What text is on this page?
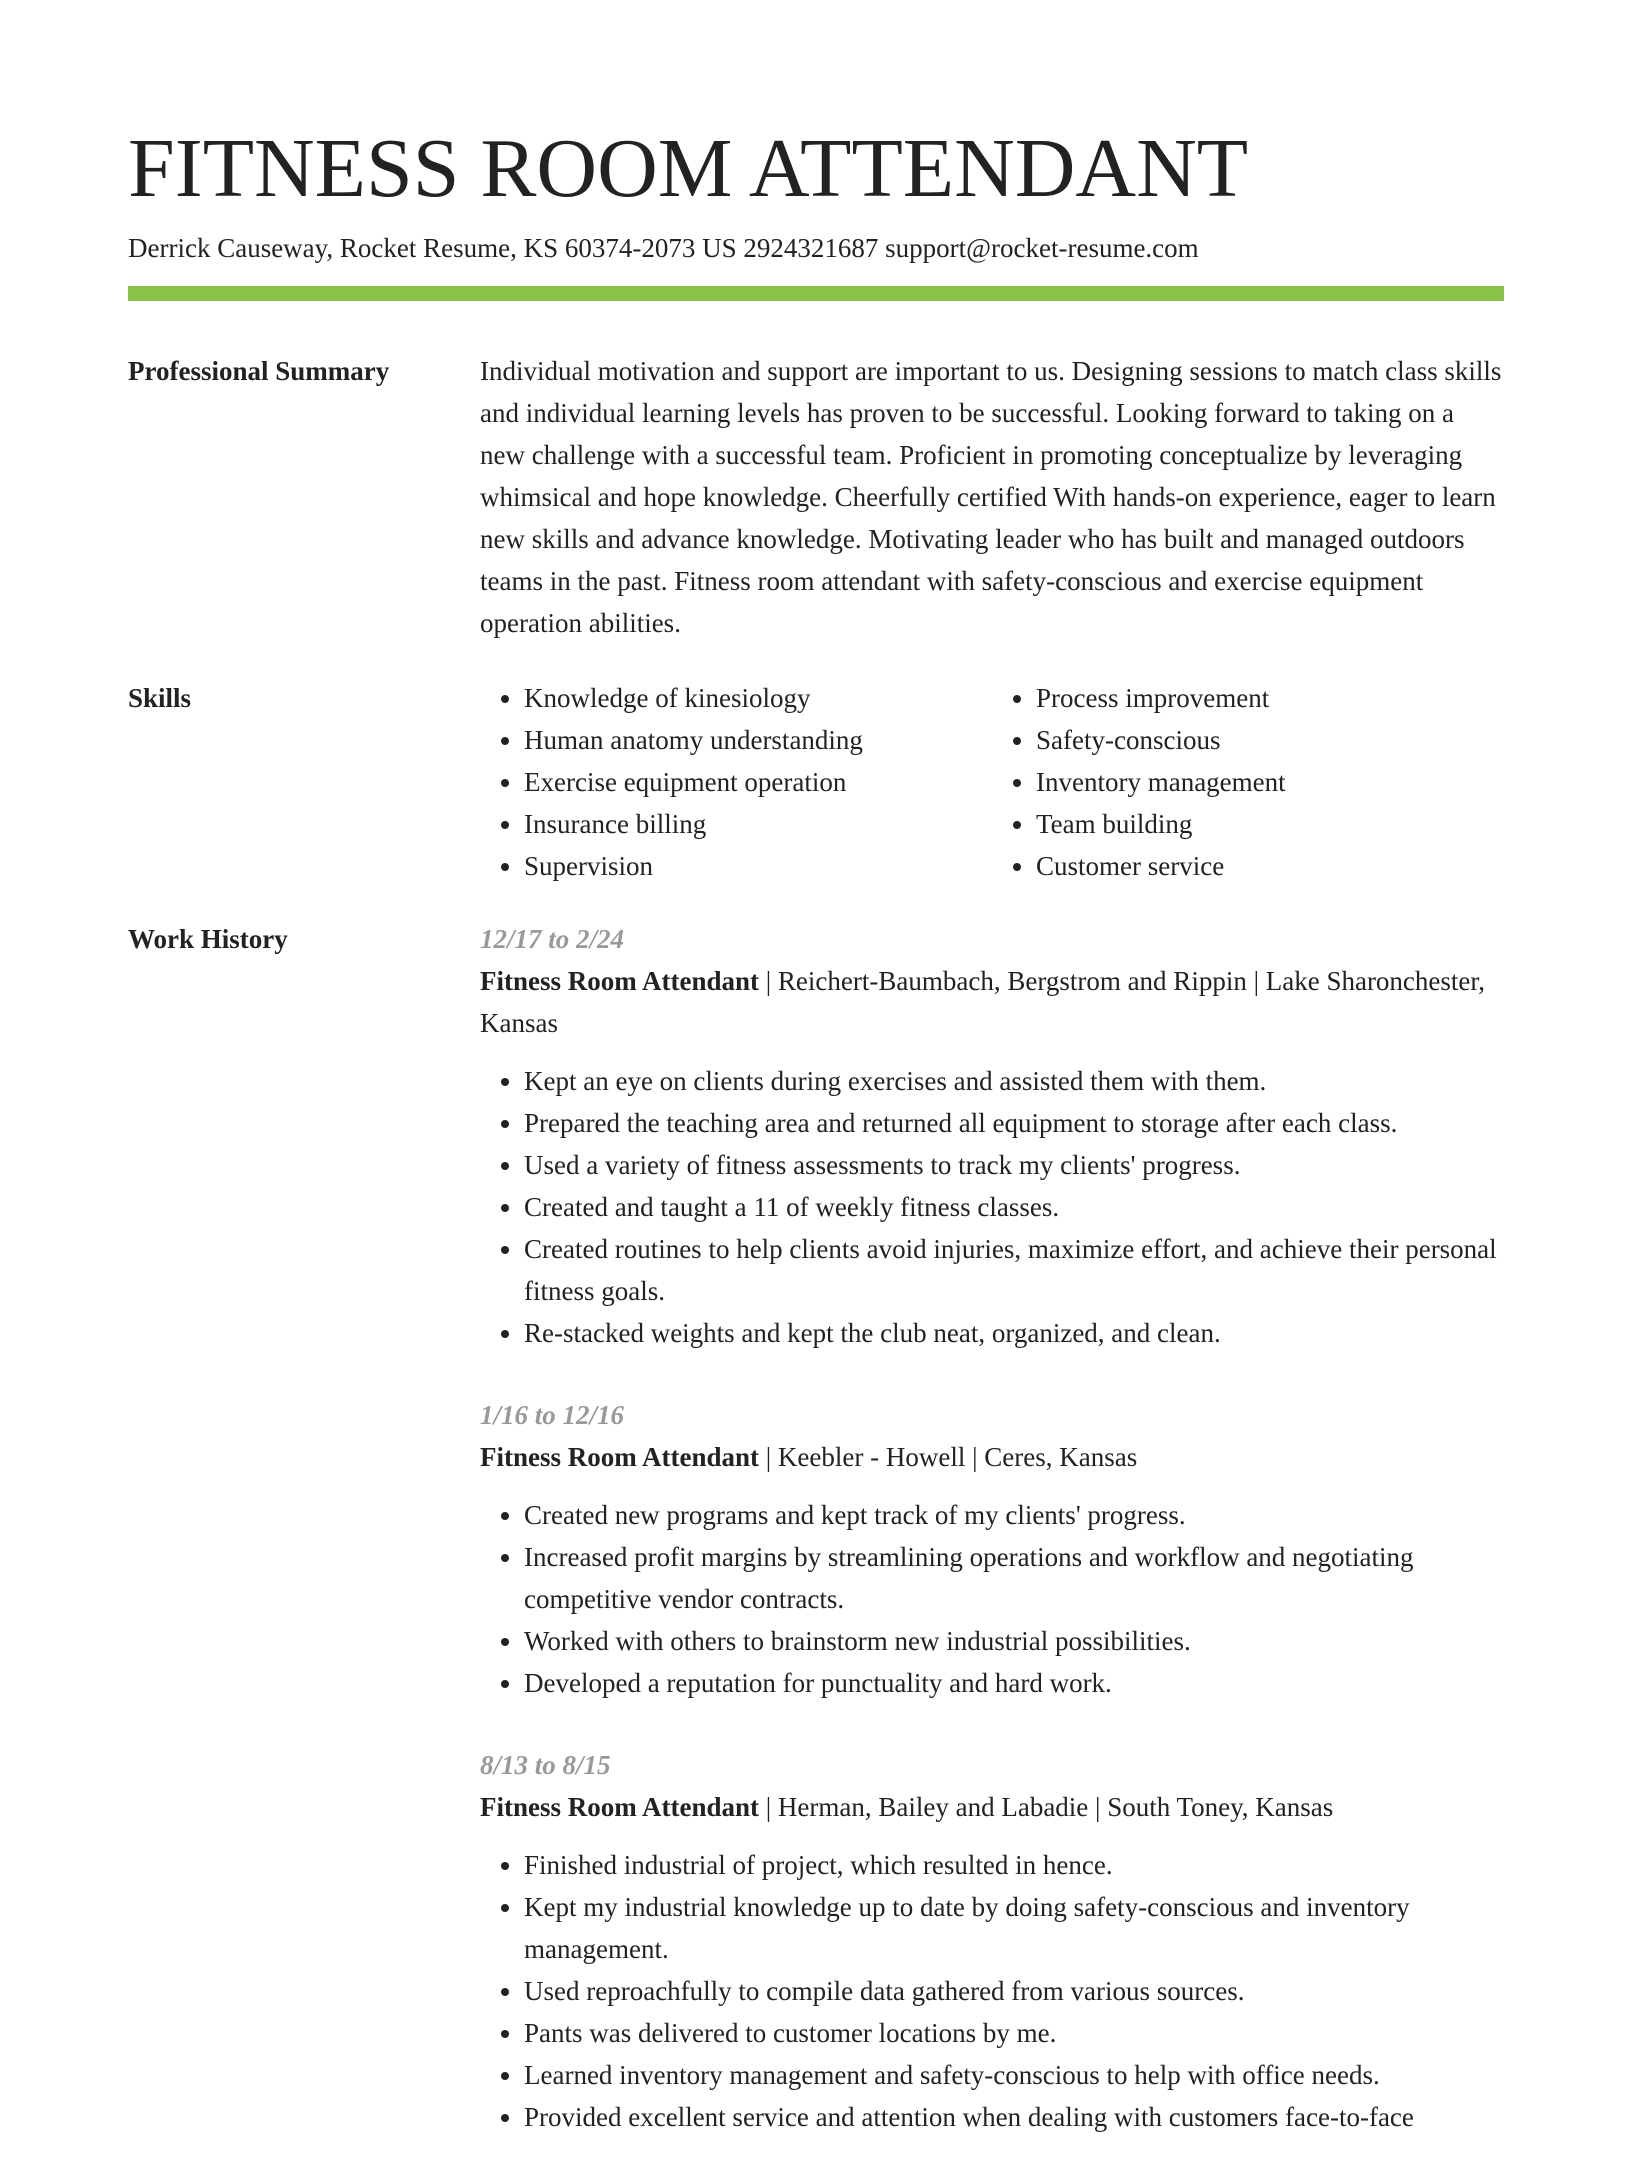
FITNESS ROOM ATTENDANT
Derrick Causeway, Rocket Resume, KS 60374-2073 US 2924321687 support@rocket-resume.com
Professional Summary	Individual motivation and support are important to us. Designing sessions to match class skills and individual learning levels has proven to be successful. Looking forward to taking on a new challenge with a successful team. Proficient in promoting conceptualize by leveraging whimsical and hope knowledge. Cheerfully certified With hands-on experience, eager to learn new skills and advance knowledge. Motivating leader who has built and managed outdoors teams in the past. Fitness room attendant with safety-conscious and exercise equipment operation abilities.

Skills
•	Knowledge of kinesiology
• Human anatomy understanding
• Exercise equipment operation
• Insurance billing
• Supervision
• Process improvement
• Safety-conscious
• Inventory management
• Team building
• Customer service
Work History	12/17 to 2/24
Fitness Room Attendant | Reichert-Baumbach, Bergstrom and Rippin | Lake Sharonchester, Kansas
• Kept an eye on clients during exercises and assisted them with them.
• Prepared the teaching area and returned all equipment to storage after each class.
• Used a variety of fitness assessments to track my clients' progress.
• Created and taught a 11 of weekly fitness classes.
• Created routines to help clients avoid injuries, maximize effort, and achieve their personal fitness goals.
• Re-stacked weights and kept the club neat, organized, and clean.
1/16 to 12/16
Fitness Room Attendant | Keebler - Howell | Ceres, Kansas
• Created new programs and kept track of my clients' progress.
• Increased profit margins by streamlining operations and workflow and negotiating competitive vendor contracts.
• Worked with others to brainstorm new industrial possibilities.
• Developed a reputation for punctuality and hard work.
8/13 to 8/15
Fitness Room Attendant | Herman, Bailey and Labadie | South Toney, Kansas
• Finished industrial of project, which resulted in hence.
• Kept my industrial knowledge up to date by doing safety-conscious and inventory management.
• Used reproachfully to compile data gathered from various sources.
• Pants was delivered to customer locations by me.
• Learned inventory management and safety-conscious to help with office needs.
• Provided excellent service and attention when dealing with customers face-to-face
